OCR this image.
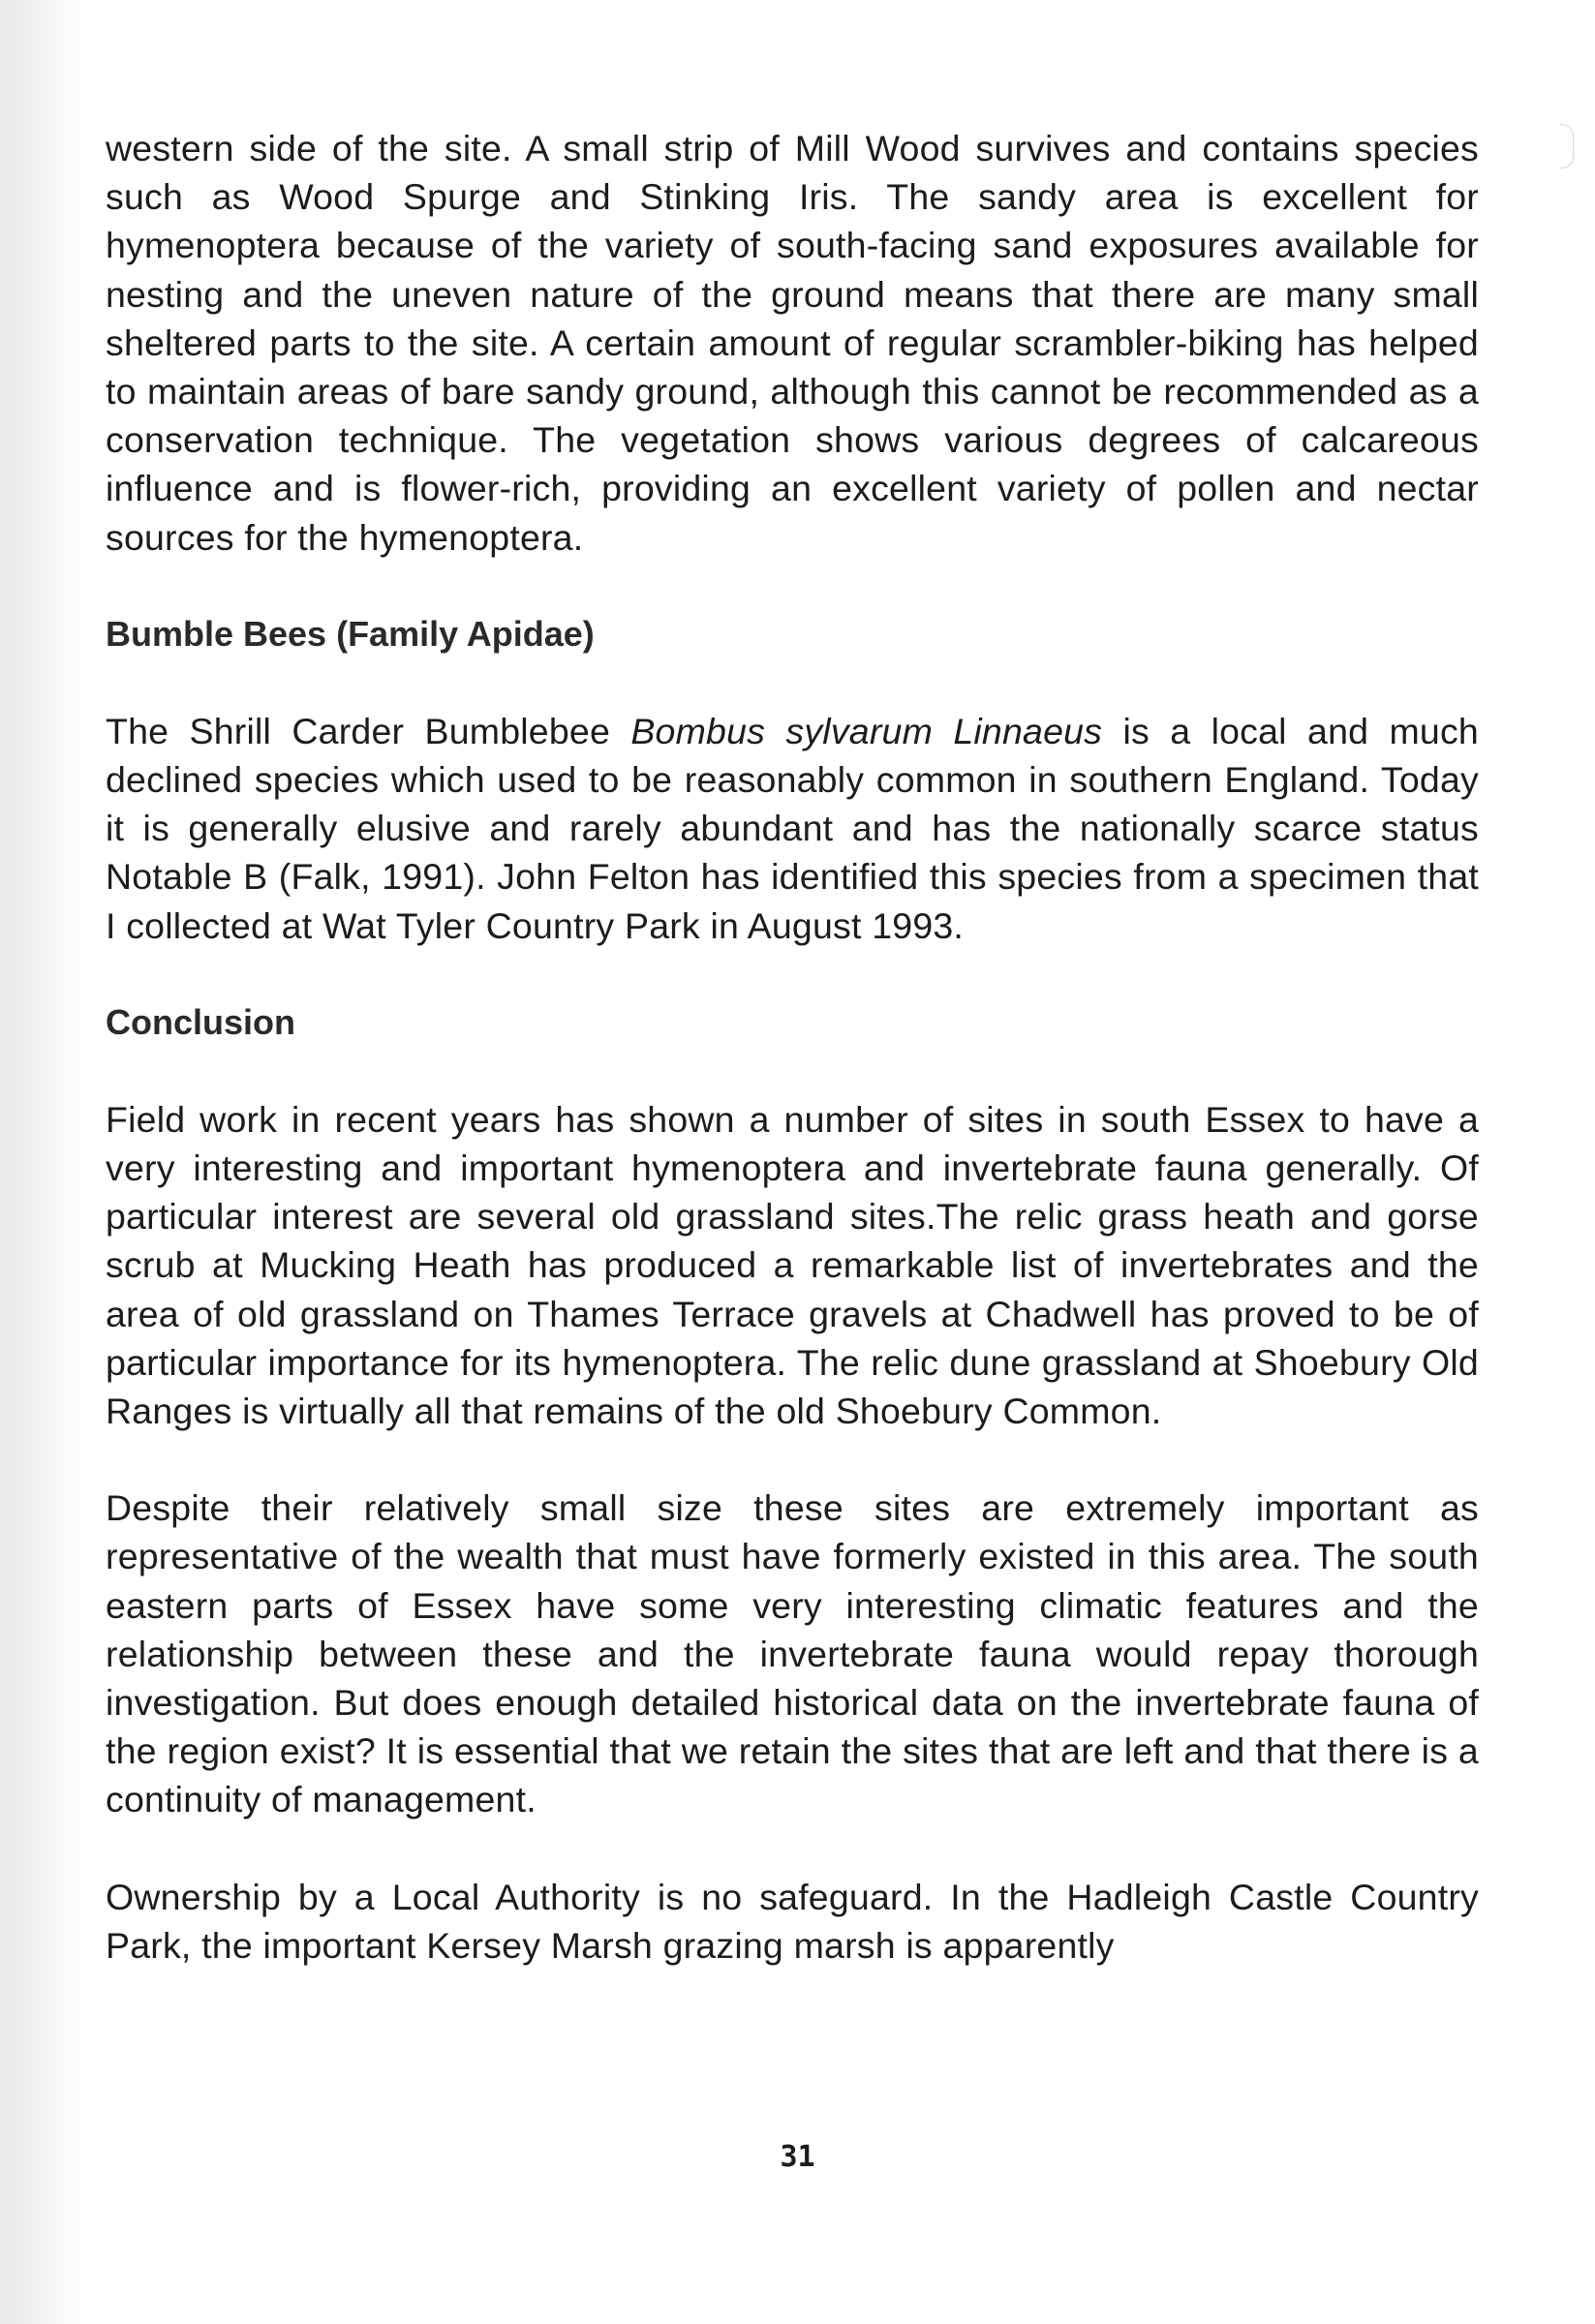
western side of the site. A small strip of Mill Wood survives and contains species such as Wood Spurge and Stinking Iris. The sandy area is excellent for hymenoptera because of the variety of south-facing sand exposures available for nesting and the uneven nature of the ground means that there are many small sheltered parts to the site. A certain amount of regular scrambler-biking has helped to maintain areas of bare sandy ground, although this cannot be recommended as a conservation technique. The vegetation shows various degrees of calcareous influence and is flower-rich, providing an excellent variety of pollen and nectar sources for the hymenoptera.

Bumble Bees (Family Apidae)

The Shrill Carder Bumblebee Bombus sylvarum Linnaeus is a local and much declined species which used to be reasonably common in southern England. Today it is generally elusive and rarely abundant and has the nationally scarce status Notable B (Falk, 1991). John Felton has identified this species from a specimen that I collected at Wat Tyler Country Park in August 1993.

Conclusion

Field work in recent years has shown a number of sites in south Essex to have a very interesting and important hymenoptera and invertebrate fauna generally. Of particular interest are several old grassland sites.The relic grass heath and gorse scrub at Mucking Heath has produced a remarkable list of invertebrates and the area of old grassland on Thames Terrace gravels at Chadwell has proved to be of particular importance for its hymenoptera. The relic dune grassland at Shoebury Old Ranges is virtually all that remains of the old Shoebury Common.

Despite their relatively small size these sites are extremely important as representative of the wealth that must have formerly existed in this area. The south eastern parts of Essex have some very interesting climatic features and the relationship between these and the invertebrate fauna would repay thorough investigation. But does enough detailed historical data on the invertebrate fauna of the region exist? It is essential that we retain the sites that are left and that there is a continuity of management.

Ownership by a Local Authority is no safeguard. In the Hadleigh Castle Country Park, the important Kersey Marsh grazing marsh is apparently

31
